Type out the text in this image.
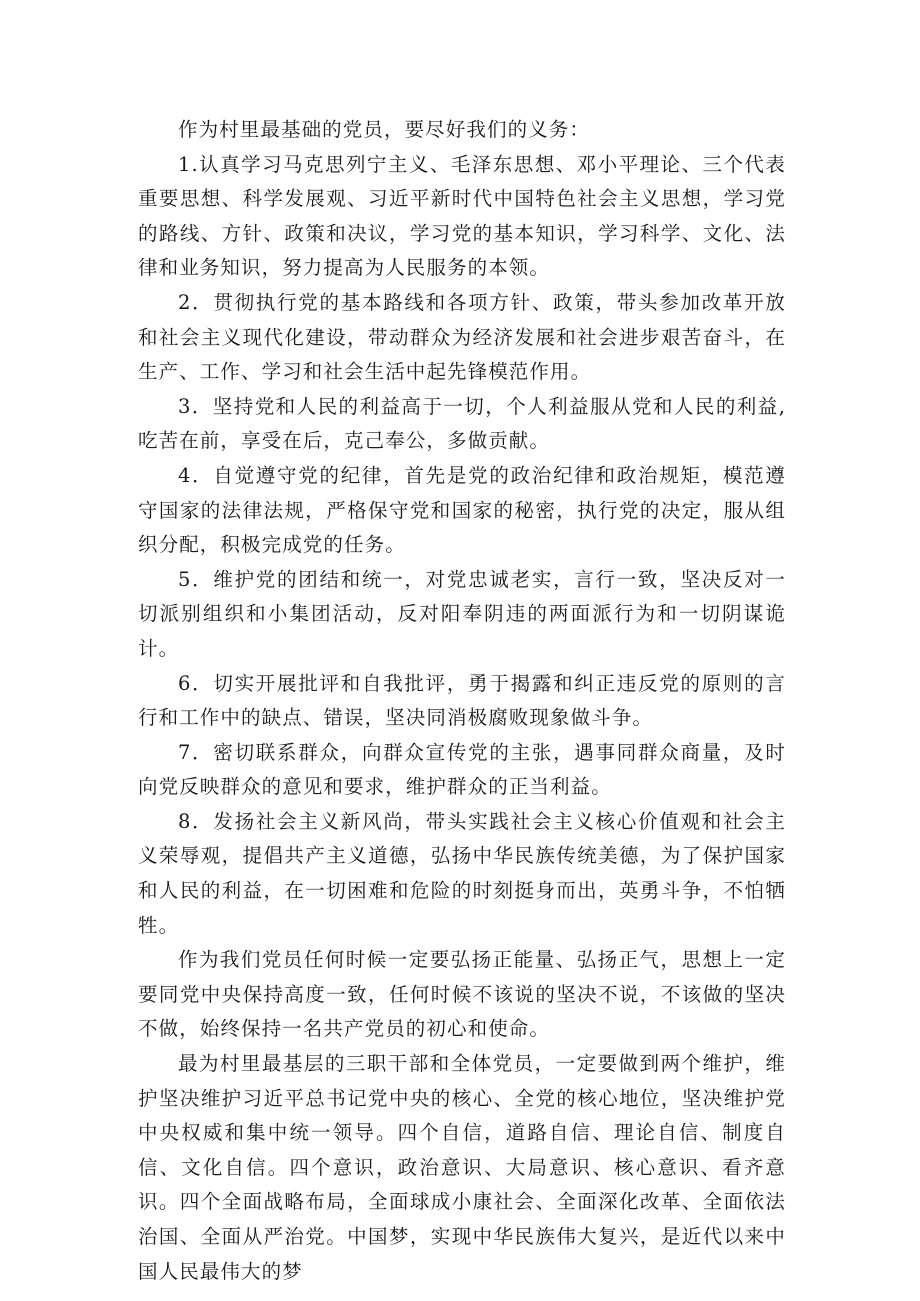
作为村里最基础的党员，要尽好我们的义务：

1.认真学习马克思列宁主义、毛泽东思想、邓小平理论、三个代表重要思想、科学发展观、习近平新时代中国特色社会主义思想，学习党的路线、方针、政策和决议，学习党的基本知识，学习科学、文化、法律和业务知识，努力提高为人民服务的本领。

2．贯彻执行党的基本路线和各项方针、政策，带头参加改革开放和社会主义现代化建设，带动群众为经济发展和社会进步艰苦奋斗，在生产、工作、学习和社会生活中起先锋模范作用。

3．坚持党和人民的利益高于一切，个人利益服从党和人民的利益,吃苦在前，享受在后，克己奉公，多做贡献。

4．自觉遵守党的纪律，首先是党的政治纪律和政治规矩，模范遵守国家的法律法规，严格保守党和国家的秘密，执行党的决定，服从组织分配，积极完成党的任务。

5．维护党的团结和统一，对党忠诚老实，言行一致，坚决反对一切派别组织和小集团活动，反对阳奉阴违的两面派行为和一切阴谋诡计。

6．切实开展批评和自我批评，勇于揭露和纠正违反党的原则的言行和工作中的缺点、错误，坚决同消极腐败现象做斗争。

7．密切联系群众，向群众宣传党的主张，遇事同群众商量，及时向党反映群众的意见和要求，维护群众的正当利益。

8．发扬社会主义新风尚，带头实践社会主义核心价值观和社会主义荣辱观，提倡共产主义道德，弘扬中华民族传统美德，为了保护国家和人民的利益，在一切困难和危险的时刻挺身而出，英勇斗争，不怕牺牲。

作为我们党员任何时候一定要弘扬正能量、弘扬正气，思想上一定要同党中央保持高度一致，任何时候不该说的坚决不说，不该做的坚决不做，始终保持一名共产党员的初心和使命。

最为村里最基层的三职干部和全体党员，一定要做到两个维护，维护坚决维护习近平总书记党中央的核心、全党的核心地位，坚决维护党中央权威和集中统一领导。四个自信，道路自信、理论自信、制度自信、文化自信。四个意识，政治意识、大局意识、核心意识、看齐意识。四个全面战略布局，全面球成小康社会、全面深化改革、全面依法治国、全面从严治党。中国梦，实现中华民族伟大复兴，是近代以来中国人民最伟大的梦
